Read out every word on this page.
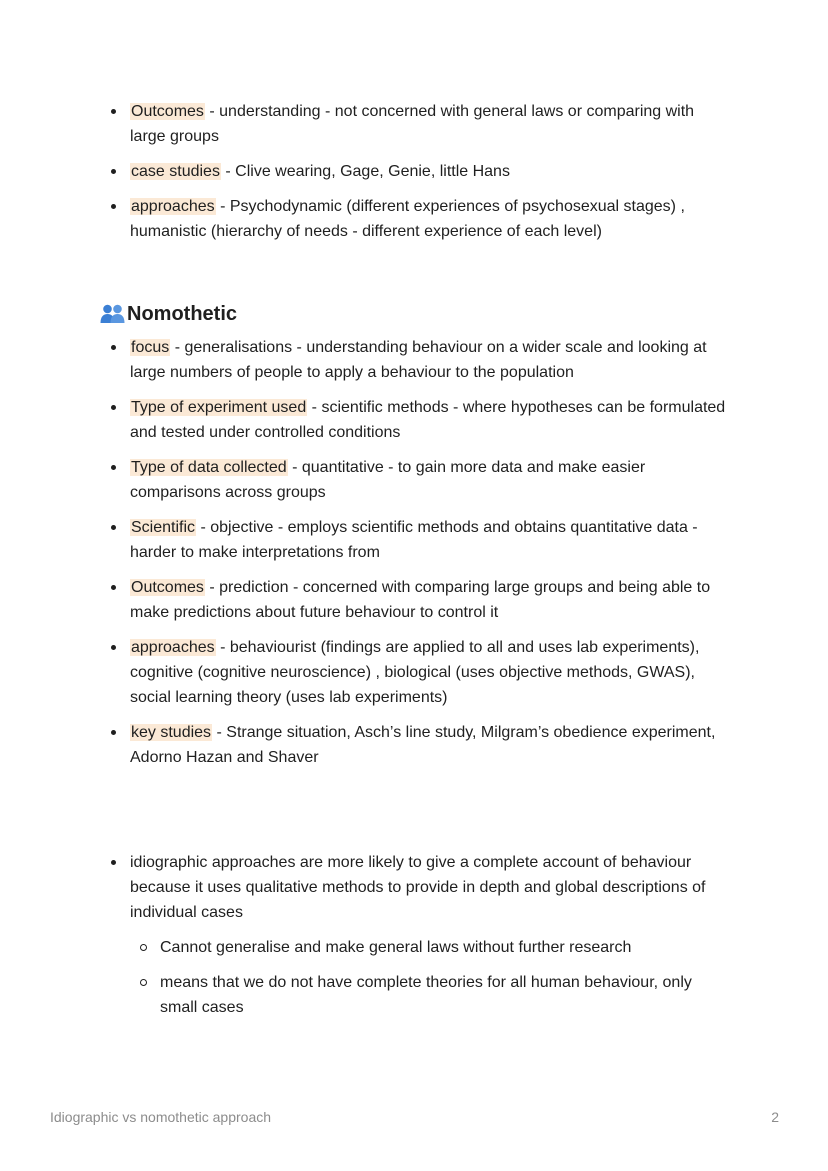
Outcomes - understanding - not concerned with general laws or comparing with large groups
case studies - Clive wearing, Gage, Genie, little Hans
approaches - Psychodynamic (different experiences of psychosexual stages) , humanistic (hierarchy of needs - different experience of each level)
Nomothetic
focus - generalisations - understanding behaviour on a wider scale and looking at large numbers of people to apply a behaviour to the population
Type of experiment used - scientific methods - where hypotheses can be formulated and tested under controlled conditions
Type of data collected - quantitative - to gain more data and make easier comparisons across groups
Scientific - objective - employs scientific methods and obtains quantitative data - harder to make interpretations from
Outcomes - prediction - concerned with comparing large groups and being able to make predictions about future behaviour to control it
approaches - behaviourist (findings are applied to all and uses lab experiments), cognitive (cognitive neuroscience) , biological (uses objective methods, GWAS), social learning theory (uses lab experiments)
key studies - Strange situation, Asch’s line study, Milgram’s obedience experiment, Adorno Hazan and Shaver
idiographic approaches are more likely to give a complete account of behaviour because it uses qualitative methods to provide in depth and global descriptions of individual cases
Cannot generalise and make general laws without further research
means that we do not have complete theories for all human behaviour, only small cases
Idiographic vs nomothetic approach	2
